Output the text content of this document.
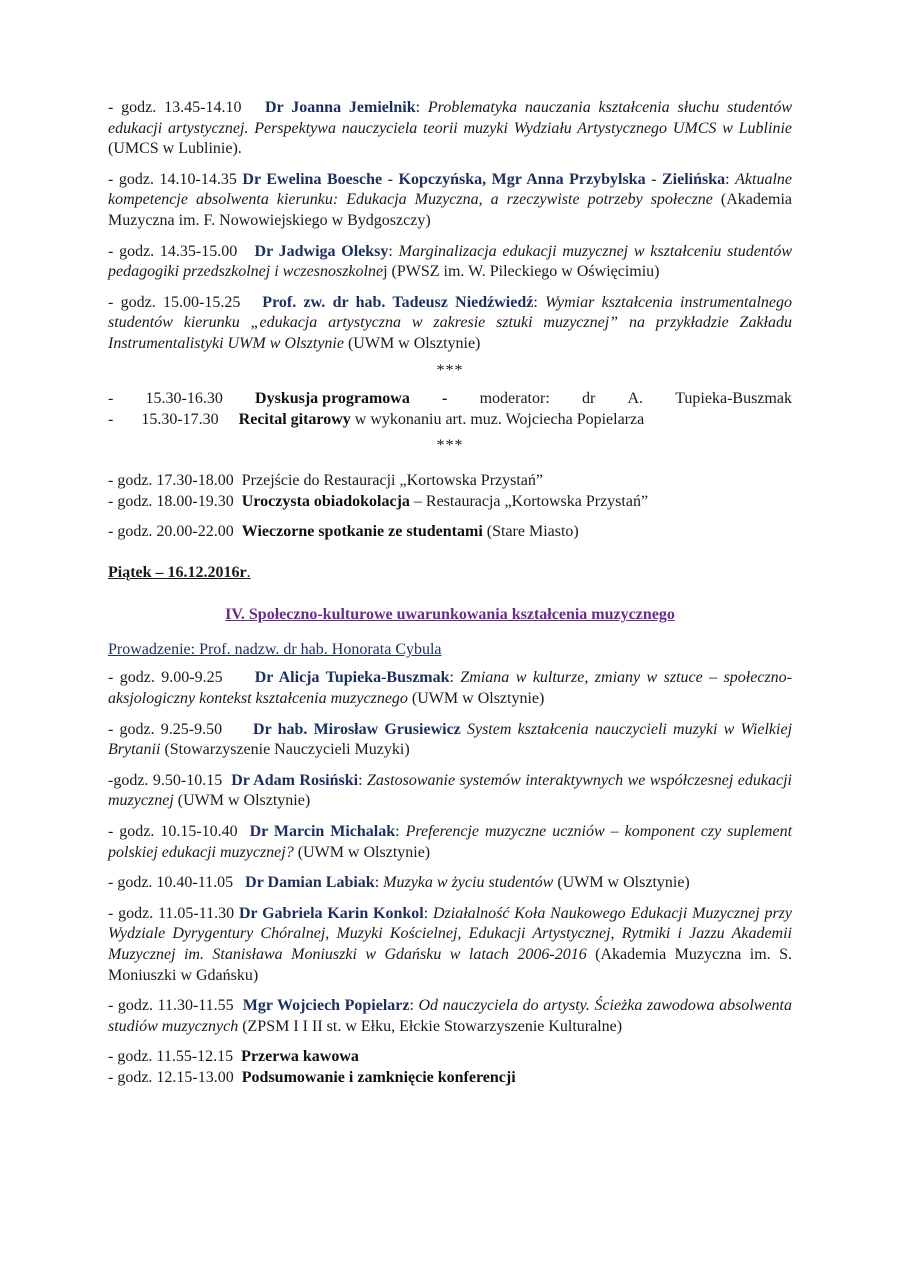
- godz. 13.45-14.10 Dr Joanna Jemielnik: Problematyka nauczania kształcenia słuchu studentów edukacji artystycznej. Perspektywa nauczyciela teorii muzyki Wydziału Artystycznego UMCS w Lublinie (UMCS w Lublinie).

- godz. 14.10-14.35 Dr Ewelina Boesche - Kopczyńska, Mgr Anna Przybylska - Zielińska: Aktualne kompetencje absolwenta kierunku: Edukacja Muzyczna, a rzeczywiste potrzeby społeczne (Akademia Muzyczna im. F. Nowowiejskiego w Bydgoszczy)

- godz. 14.35-15.00 Dr Jadwiga Oleksy: Marginalizacja edukacji muzycznej w kształceniu studentów pedagogiki przedszkolnej i wczesnoszkolnej (PWSZ im. W. Pileckiego w Oświęcimiu)

- godz. 15.00-15.25 Prof. zw. dr hab. Tadeusz Niedźwiedź: Wymiar kształcenia instrumentalnego studentów kierunku „edukacja artystyczna w zakresie sztuki muzycznej” na przykładzie Zakładu Instrumentalistyki UWM w Olsztynie (UWM w Olsztynie)

***

- 15.30-16.30 Dyskusja programowa - moderator: dr A. Tupieka-Buszmak

- 15.30-17.30 Recital gitarowy w wykonaniu art. muz. Wojciecha Popielarza

***

- godz. 17.30-18.00 Przejście do Restauracji „Kortowska Przystań”

- godz. 18.00-19.30 Uroczysta obiadokolacja – Restauracja „Kortowska Przystań”

- godz. 20.00-22.00 Wieczorne spotkanie ze studentami (Stare Miasto)

Piątek – 16.12.2016r.

IV. Społeczno-kulturowe uwarunkowania kształcenia muzycznego

Prowadzenie: Prof. nadzw. dr hab. Honorata Cybula

- godz. 9.00-9.25 Dr Alicja Tupieka-Buszmak: Zmiana w kulturze, zmiany w sztuce – społeczno-aksjologiczny kontekst kształcenia muzycznego (UWM w Olsztynie)

- godz. 9.25-9.50 Dr hab. Mirosław Grusiewicz System kształcenia nauczycieli muzyki w Wielkiej Brytanii (Stowarzyszenie Nauczycieli Muzyki)

-godz. 9.50-10.15 Dr Adam Rosiński: Zastosowanie systemów interaktywnych we współczesnej edukacji muzycznej (UWM w Olsztynie)

- godz. 10.15-10.40 Dr Marcin Michalak: Preferencje muzyczne uczniów – komponent czy suplement polskiej edukacji muzycznej? (UWM w Olsztynie)

- godz. 10.40-11.05 Dr Damian Labiak: Muzyka w życiu studentów (UWM w Olsztynie)

- godz. 11.05-11.30 Dr Gabriela Karin Konkol: Działalność Koła Naukowego Edukacji Muzycznej przy Wydziale Dyrygentury Chóralnej, Muzyki Kościelnej, Edukacji Artystycznej, Rytmiki i Jazzu Akademii Muzycznej im. Stanisława Moniuszki w Gdańsku w latach 2006-2016 (Akademia Muzyczna im. S. Moniuszki w Gdańsku)

- godz. 11.30-11.55 Mgr Wojciech Popielarz: Od nauczyciela do artysty. Ścieżka zawodowa absolwenta studiów muzycznych (ZPSM I I II st. w Ełku, Ełckie Stowarzyszenie Kulturalne)

- godz. 11.55-12.15 Przerwa kawowa

- godz. 12.15-13.00 Podsumowanie i zamknięcie konferencji
